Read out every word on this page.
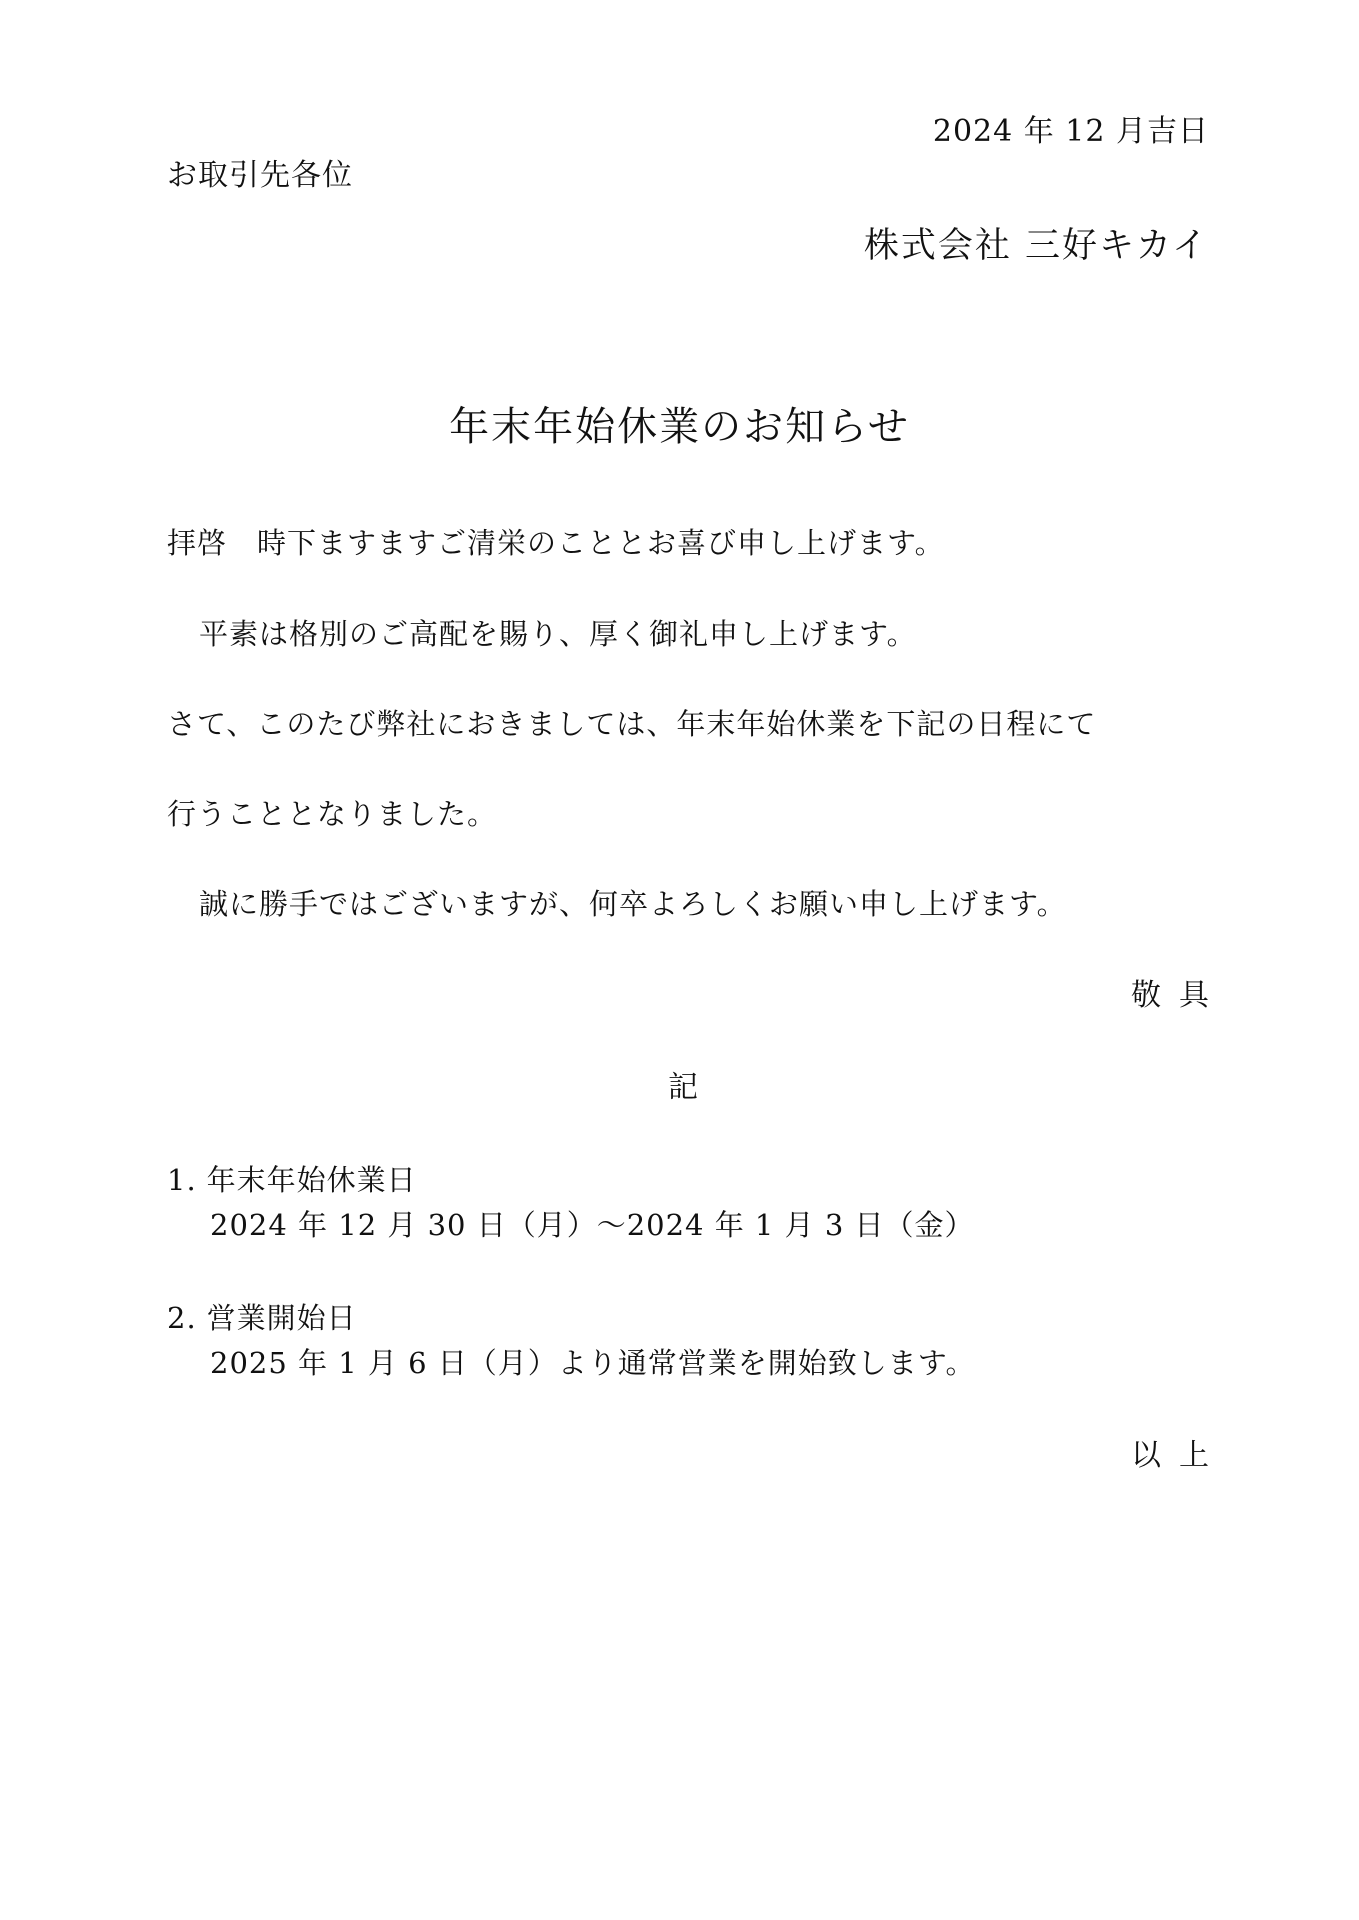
2024 年 12 月吉日
お取引先各位
株式会社 三好キカイ
年末年始休業のお知らせ
拝啓　時下ますますご清栄のこととお喜び申し上げます。
平素は格別のご高配を賜り、厚く御礼申し上げます。
さて、このたび弊社におきましては、年末年始休業を下記の日程にて
行うこととなりました。
誠に勝手ではございますが、何卒よろしくお願い申し上げます。
敬具
記
1. 年末年始休業日
2024 年 12 月 30 日（月）～2024 年 1 月 3 日（金）
2. 営業開始日
2025 年 1 月 6 日（月）より通常営業を開始致します。
以上
